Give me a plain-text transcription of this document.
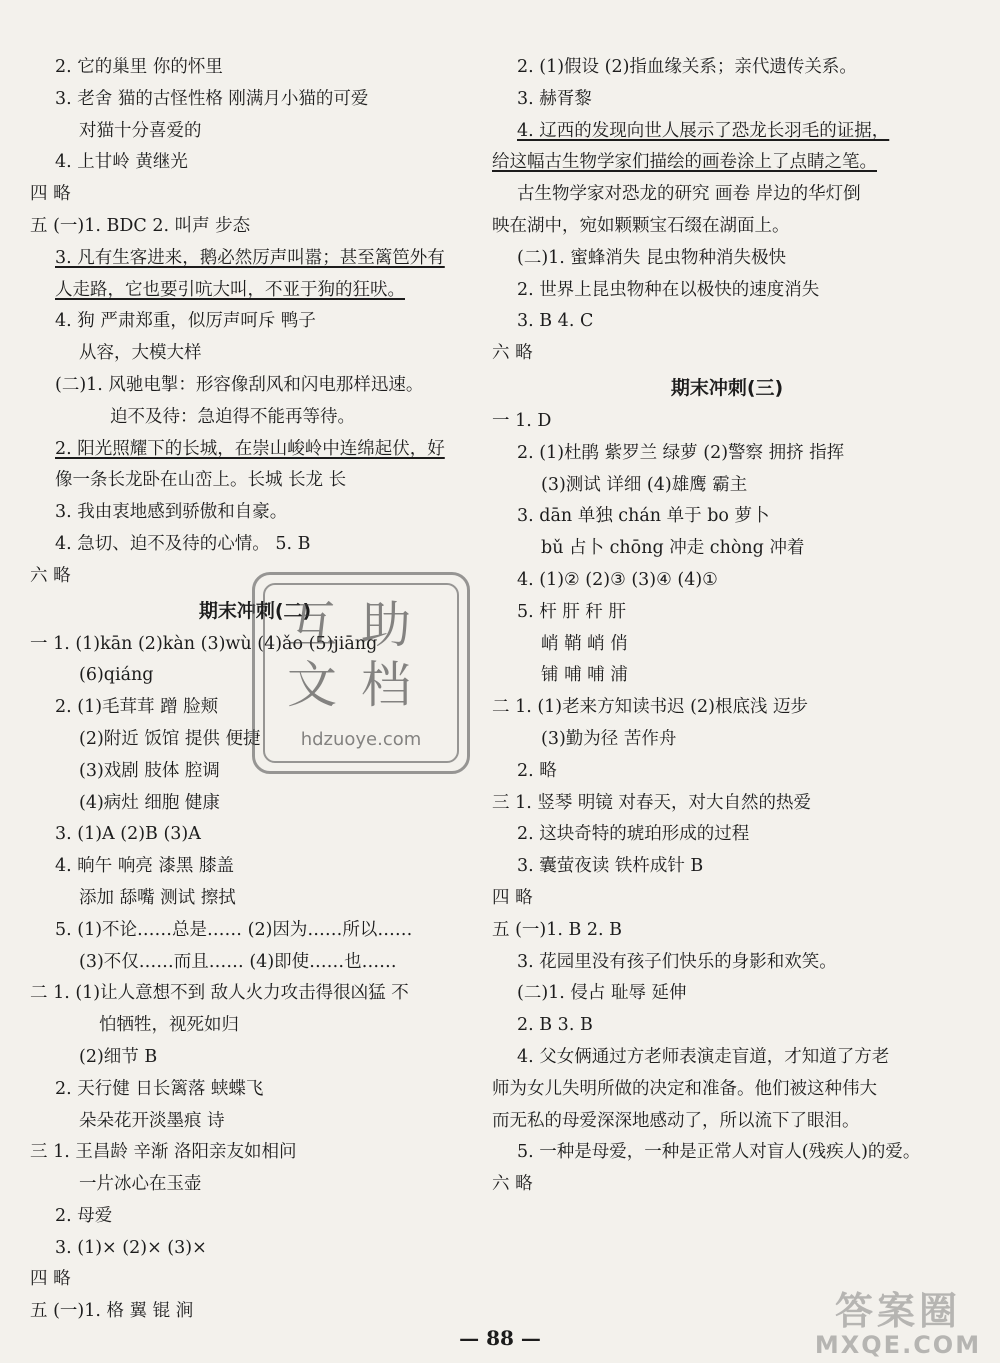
2. 它的巢里 你的怀里
3. 老舍 猫的古怪性格 刚满月小猫的可爱
对猫十分喜爱的
4. 上甘岭 黄继光
四 略
五 (一)1. BDC 2. 叫声 步态
3. 凡有生客进来，鹅必然厉声叫嚣；甚至篱笆外有
人走路，它也要引吭大叫，不亚于狗的狂吠。
4. 狗 严肃郑重，似厉声呵斥 鸭子
从容，大模大样
(二)1. 风驰电掣：形容像刮风和闪电那样迅速。
迫不及待：急迫得不能再等待。
2. 阳光照耀下的长城，在崇山峻岭中连绵起伏，好
像一条长龙卧在山峦上。长城 长龙 长
3. 我由衷地感到骄傲和自豪。
4. 急切、迫不及待的心情。 5. B
六 略
期末冲刺(二)
一 1. (1)kān (2)kàn (3)wù (4)ǎo (5)jiāng
(6)qiáng
2. (1)毛茸茸 蹭 脸颊
(2)附近 饭馆 提供 便捷
(3)戏剧 肢体 腔调
(4)病灶 细胞 健康
3. (1)A (2)B (3)A
4. 晌午 响亮 漆黑 膝盖
添加 舔嘴 测试 擦拭
5. (1)不论……总是…… (2)因为……所以……
(3)不仅……而且…… (4)即使……也……
二 1. (1)让人意想不到 敌人火力攻击得很凶猛 不
怕牺牲，视死如归
(2)细节 B
2. 天行健 日长篱落 蛱蝶飞
朵朵花开淡墨痕 诗
三 1. 王昌龄 辛渐 洛阳亲友如相问
一片冰心在玉壶
2. 母爱
3. (1)× (2)× (3)×
四 略
五 (一)1. 格 翼 锟 涧
2. (1)假设 (2)指血缘关系；亲代遗传关系。
3. 赫胥黎
4. 辽西的发现向世人展示了恐龙长羽毛的证据，
给这幅古生物学家们描绘的画卷涂上了点睛之笔。
古生物学家对恐龙的研究 画卷 岸边的华灯倒
映在湖中，宛如颗颗宝石缀在湖面上。
(二)1. 蜜蜂消失 昆虫物种消失极快
2. 世界上昆虫物种在以极快的速度消失
3. B 4. C
六 略
期末冲刺(三)
一 1. D
2. (1)杜鹃 紫罗兰 绿萝 (2)警察 拥挤 指挥
(3)测试 详细 (4)雄鹰 霸主
3. dān 单独 chán 单于 bo 萝卜
bǔ 占卜 chōng 冲走 chòng 冲着
4. (1)② (2)③ (3)④ (4)①
5. 杆 肝 秆 肝
峭 鞘 峭 俏
铺 哺 哺 浦
二 1. (1)老来方知读书迟 (2)根底浅 迈步
(3)勤为径 苦作舟
2. 略
三 1. 竖琴 明镜 对春天，对大自然的热爱
2. 这块奇特的琥珀形成的过程
3. 囊萤夜读 铁杵成针 B
四 略
五 (一)1. B 2. B
3. 花园里没有孩子们快乐的身影和欢笑。
(二)1. 侵占 耻辱 延伸
2. B 3. B
4. 父女俩通过方老师表演走盲道，才知道了方老
师为女儿失明所做的决定和准备。他们被这种伟大
而无私的母爱深深地感动了，所以流下了眼泪。
5. 一种是母爱，一种是正常人对盲人(残疾人)的爱。
六 略
互助
文档
hdzuoye.com
— 88 —
答案圈
MXQE.COM
